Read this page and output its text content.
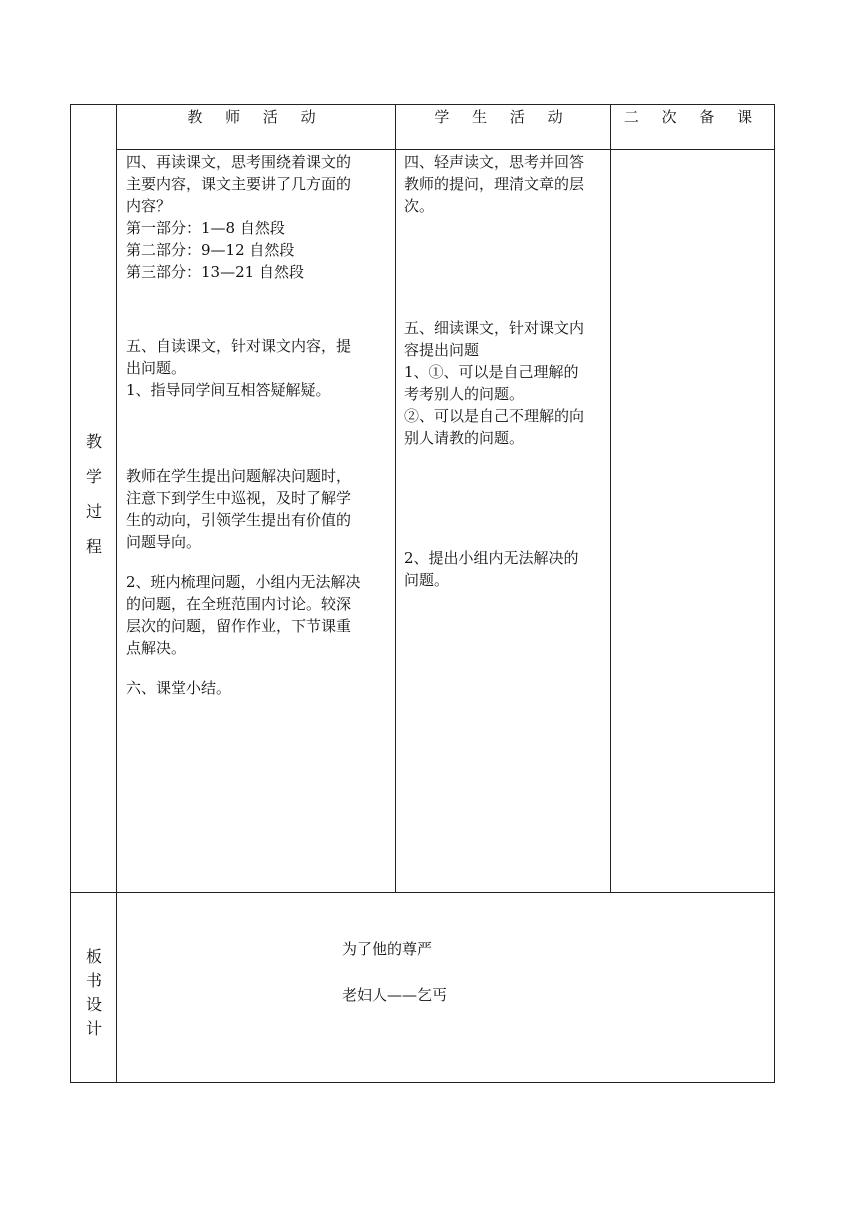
教 师 活 动	学 生 活 动	二 次 备 课
教
学
过
程

四、再读课文，思考围绕着课文的

主要内容，课文主要讲了几方面的

内容？

第一部分：1—8 自然段

第二部分：9—12 自然段

第三部分：13—21 自然段

五、自读课文，针对课文内容，提

出问题。

1、指导同学间互相答疑解疑。

教师在学生提出问题解决问题时，

注意下到学生中巡视，及时了解学

生的动向，引领学生提出有价值的

问题导向。

2、班内梳理问题，小组内无法解决

的问题，在全班范围内讨论。较深

层次的问题，留作作业，下节课重

点解决。

六、课堂小结。

四、轻声读文，思考并回答

教师的提问，理清文章的层

次。

五、细读课文，针对课文内

容提出问题

1、①、可以是自己理解的

考考别人的问题。

②、可以是自己不理解的向

别人请教的问题。

2、提出小组内无法解决的

问题。

板
书
设
计
为了他的尊严
老妇人——乞丐
